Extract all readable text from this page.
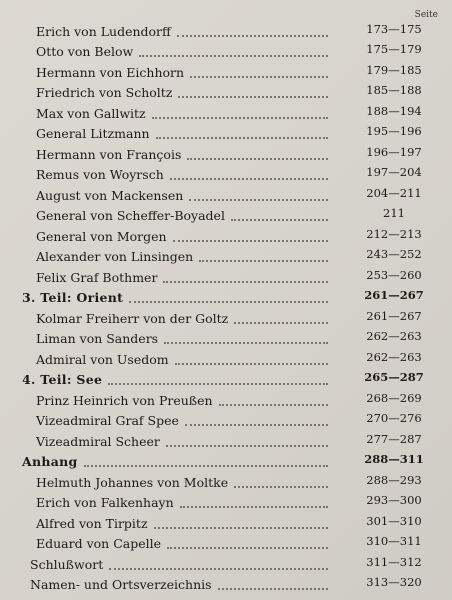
Seite
Erich von Ludendorff	173—175
Otto von Below	175—179
Hermann von Eichhorn	179—185
Friedrich von Scholtz	185—188
Max von Gallwitz	188—194
General Litzmann	195—196
Hermann von François	196—197
Remus von Woyrsch	197—204
August von Mackensen	204—211
General von Scheffer-Boyadel	211
General von Morgen	212—213
Alexander von Linsingen	243—252
Felix Graf Bothmer	253—260
3. Teil: Orient	261—267
Kolmar Freiherr von der Goltz	261—267
Liman von Sanders	262—263
Admiral von Usedom	262—263
4. Teil: See	265—287
Prinz Heinrich von Preußen	268—269
Vizeadmiral Graf Spee	270—276
Vizeadmiral Scheer	277—287
Anhang	288—311
Helmuth Johannes von Moltke	288—293
Erich von Falkenhayn	293—300
Alfred von Tirpitz	301—310
Eduard von Capelle	310—311
Schlußwort	311—312
Namen- und Ortsverzeichnis	313—320
